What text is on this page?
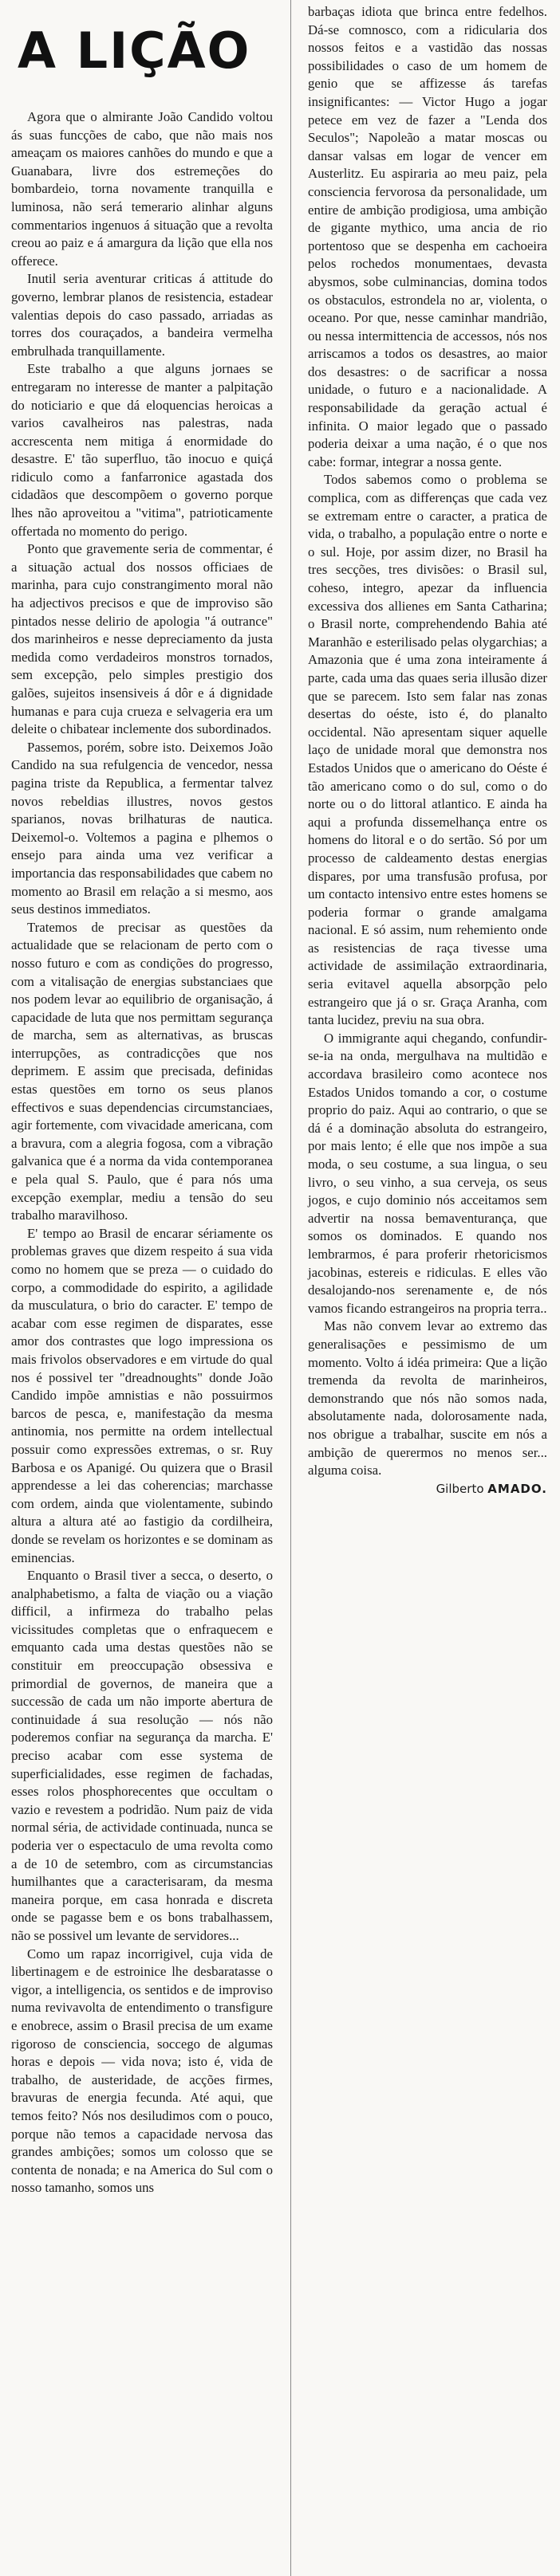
A LIÇÃO

Agora que o almirante João Candido voltou ás suas funcções de cabo, que não mais nos ameaçam os maiores canhões do mundo e que a Guanabara, livre dos estremeções do bombardeio, torna novamente tranquilla e luminosa, não será temerario alinhar alguns commentarios ingenuos á situação que a revolta creou ao paiz e á amargura da lição que ella nos offerece.

Inutil seria aventurar criticas á attitude do governo, lembrar planos de resistencia, estadear valentias depois do caso passado, arriadas as torres dos couraçados, a bandeira vermelha embrulhada tranquillamente.

Este trabalho a que alguns jornaes se entregaram no interesse de manter a palpitação do noticiario e que dá eloquencias heroicas a varios cavalheiros nas palestras, nada accrescenta nem mitiga á enormidade do desastre. E' tão superfluo, tão inocuo e quiçá ridiculo como a fanfarronice agastada dos cidadãos que descompõem o governo porque lhes não aproveitou a "vitima", patrioticamente offertada no momento do perigo.

Ponto que gravemente seria de commentar, é a situação actual dos nossos officiaes de marinha, para cujo constrangimento moral não ha adjectivos precisos e que de improviso são pintados nesse delirio de apologia "á outrance" dos marinheiros e nesse depreciamento da justa medida como verdadeiros monstros tornados, sem excepção, pelo simples prestigio dos galões, sujeitos insensiveis á dôr e á dignidade humanas e para cuja crueza e selvageria era um deleite o chibatear inclemente dos subordinados.

Passemos, porém, sobre isto. Deixemos João Candido na sua refulgencia de vencedor, nessa pagina triste da Republica, a fermentar talvez novos rebeldias illustres, novos gestos sparianos, novas brilhaturas de nautica. Deixemol-o. Voltemos a pagina e plhemos o ensejo para ainda uma vez verificar a importancia das responsabilidades que cabem no momento ao Brasil em relação a si mesmo, aos seus destinos immediatos.

Tratemos de precisar as questões da actualidade que se relacionam de perto com o nosso futuro e com as condições do progresso, com a vitalisação de energias substanciaes que nos podem levar ao equilibrio de organisação, á capacidade de luta que nos permittam segurança de marcha, sem as alternativas, as bruscas interrupções, as contradicções que nos deprimem. E assim que precisada, definidas estas questões em torno os seus planos effectivos e suas dependencias circumstanciaes, agir fortemente, com vivacidade americana, com a bravura, com a alegria fogosa, com a vibração galvanica que é a norma da vida contemporanea e pela qual S. Paulo, que é para nós uma excepção exemplar, mediu a tensão do seu trabalho maravilhoso.

E' tempo ao Brasil de encarar sériamente os problemas graves que dizem respeito á sua vida como no homem que se preza — o cuidado do corpo, a commodidade do espirito, a agilidade da musculatura, o brio do caracter. E' tempo de acabar com esse regimen de disparates, esse amor dos contrastes que logo impressiona os mais frivolos observadores e em virtude do qual nos é possivel ter "dreadnoughts" donde João Candido impõe amnistias e não possuirmos barcos de pesca, e, manifestação da mesma antinomia, nos permitte na ordem intellectual possuir como expressões extremas, o sr. Ruy Barbosa e os Apanigé. Ou quizera que o Brasil apprendesse a lei das coherencias; marchasse com ordem, ainda que violentamente, subindo altura a altura até ao fastigio da cordilheira, donde se revelam os horizontes e se dominam as eminencias.

Enquanto o Brasil tiver a secca, o deserto, o analphabetismo, a falta de viação ou a viação difficil, a infirmeza do trabalho pelas vicissitudes completas que o enfraquecem e emquanto cada uma destas questões não se constituir em preoccupação obsessiva e primordial de governos, de maneira que a successão de cada um não importe abertura de continuidade á sua resolução — nós não poderemos confiar na segurança da marcha. E' preciso acabar com esse systema de superficialidades, esse regimen de fachadas, esses rolos phosphorecentes que occultam o vazio e revestem a podridão. Num paiz de vida normal séria, de actividade continuada, nunca se poderia ver o espectaculo de uma revolta como a de 10 de setembro, com as circumstancias humilhantes que a caracterisaram, da mesma maneira porque, em casa honrada e discreta onde se pagasse bem e os bons trabalhassem, não se possivel um levante de servidores...

Como um rapaz incorrigivel, cuja vida de libertinagem e de estroinice lhe desbaratasse o vigor, a intelligencia, os sentidos e de improviso numa revivavolta de entendimento o transfigure e enobrece, assim o Brasil precisa de um exame rigoroso de consciencia, soccego de algumas horas e depois — vida nova; isto é, vida de trabalho, de austeridade, de acções firmes, bravuras de energia fecunda. Até aqui, que temos feito? Nós nos desiludimos com o pouco, porque não temos a capacidade nervosa das grandes ambições; somos um colosso que se contenta de nonada; e na America do Sul com o nosso tamanho, somos uns

barbaças idiota que brinca entre fedelhos. Dá-se comnosco, com a ridicularia dos nossos feitos e a vastidão das nossas possibilidades o caso de um homem de genio que se affizesse ás tarefas insignificantes: — Victor Hugo a jogar petece em vez de fazer a "Lenda dos Seculos"; Napoleão a matar moscas ou dansar valsas em logar de vencer em Austerlitz. Eu aspiraria ao meu paiz, pela consciencia fervorosa da personalidade, um entire de ambição prodigiosa, uma ambição de gigante mythico, uma ancia de rio portentoso que se despenha em cachoeira pelos rochedos monumentaes, devasta abysmos, sobe culminancias, domina todos os obstaculos, estrondela no ar, violenta, o oceano. Por que, nesse caminhar mandrião, ou nessa intermittencia de accessos, nós nos arriscamos a todos os desastres, ao maior dos desastres: o de sacrificar a nossa unidade, o futuro e a nacionalidade. A responsabilidade da geração actual é infinita. O maior legado que o passado poderia deixar a uma nação, é o que nos cabe: formar, integrar a nossa gente.

Todos sabemos como o problema se complica, com as differenças que cada vez se extremam entre o caracter, a pratica de vida, o trabalho, a população entre o norte e o sul. Hoje, por assim dizer, no Brasil ha tres secções, tres divisões: o Brasil sul, coheso, integro, apezar da influencia excessiva dos allienes em Santa Catharina; o Brasil norte, comprehendendo Bahia até Maranhão e esterilisado pelas olygarchias; a Amazonia que é uma zona inteiramente á parte, cada uma das quaes seria illusão dizer que se parecem. Isto sem falar nas zonas desertas do oéste, isto é, do planalto occidental. Não apresentam siquer aquelle laço de unidade moral que demonstra nos Estados Unidos que o americano do Oéste é tão americano como o do sul, como o do norte ou o do littoral atlantico. E ainda ha aqui a profunda dissemelhança entre os homens do litoral e o do sertão. Só por um processo de caldeamento destas energias dispares, por uma transfusão profusa, por um contacto intensivo entre estes homens se poderia formar o grande amalgama nacional. E só assim, num rehemiento onde as resistencias de raça tivesse uma actividade de assimilação extraordinaria, seria evitavel aquella absorpção pelo estrangeiro que já o sr. Graça Aranha, com tanta lucidez, previu na sua obra.

O immigrante aqui chegando, confundir-se-ia na onda, mergulhava na multidão e accordava brasileiro como acontece nos Estados Unidos tomando a cor, o costume proprio do paiz. Aqui ao contrario, o que se dá é a dominação absoluta do estrangeiro, por mais lento; é elle que nos impõe a sua moda, o seu costume, a sua lingua, o seu livro, o seu vinho, a sua cerveja, os seus jogos, e cujo dominio nós acceitamos sem advertir na nossa bemaventurança, que somos os dominados. E quando nos lembrarmos, é para proferir rhetoricismos jacobinas, estereis e ridiculas. E elles vão desalojando-nos serenamente e, de nós vamos ficando estrangeiros na propria terra..

Mas não convem levar ao extremo das generalisações e pessimismo de um momento. Volto á idéa primeira: Que a lição tremenda da revolta de marinheiros, demonstrando que nós não somos nada, absolutamente nada, dolorosamente nada, nos obrigue a trabalhar, suscite em nós a ambição de querermos no menos ser... alguma coisa.

Gilberto AMADO.
